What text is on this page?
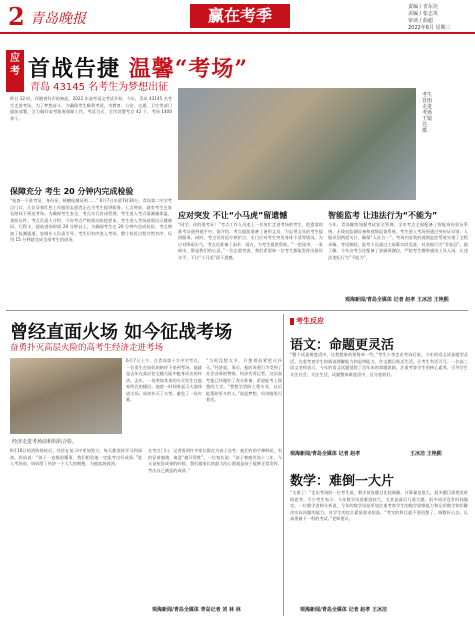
2 青岛晚报	赢在考季	责编 / 青东亮
美编 / 张志英
审读 / 曲超
2022年6月 星期三
应考 首战告捷 温馨“考场”
青岛 43145 名考生为梦想出征
考生冒雨走进考场 王镜达 摄
昨日 12 时，伴随着铃声的响起，2022 年高考语文考试开始。今年，青岛 43145 名考生走进考场，为了梦想奋斗。为确保考生顺利考试，市教育、公安、交通、卫生等部门提前部署，全力做好高考服务保障工作。考试当天，全市设置考点 42 个，考场 1400 余个。
保障充分 考生 20 分钟内完成检验
“检查一下准考证、身份证，核酸检测证明……” 6月7日早晨7时30分，青岛第二中学考点门口，几位穿着红色工作服的志愿者正在为考生提供服务。七点钟前，就有考生在家长陪同下到达考场。为确保考生安全，考点实行封闭管理，考生进入考点需测量体温、查验证件。考点负责人介绍，今年考点严格落实防疫要求，考生进入考场前须出示健康码、行程卡，提前进场时间 20 分钟以上。为确保考生在 20 分钟内完成检验，考点增加了检测通道，安排专人负责引导。考生们有序进入考场，整个检验过程井然有序，仅用 15 分钟就完成全部考生的进场。
应对突发 不让“小马虎”留遗憾
“同学，你的准考证！”考点工作人员追上一名匆忙走进考场的考生，把遗落的准考证递到他手中。据介绍，考点提前准备了备用文具，为忘带文具的考生提供服务。同时，考点设有医疗救护点，专门应对考生突发身体不适等情况。为应对降雨天气，考点还准备了雨伞、雨衣，为考生提供帮助。“一把雨伞、一张纸巾，都是我们的心意。”一位志愿者说，我们希望每一位考生都能发挥出最好水平，不让“小马虎”留下遗憾。
智能监考 让违法行为“不能为”
今年，青岛继续加强考试安全管理，全市考点全部配备了智能身份验证系统、无线电监测设备和视频巡查系统。考生进入考场须通过身份证识别、人脸识别两道关口，确保“人证合一”。考场内安装的视频监控系统实现了全程录像，考试期间，监考人员通过大屏幕实时巡查，对违规行为“零容忍”。据了解，今年各考点还配备了金属探测仪，严防考生携带通讯工具入场，让违法违纪行为“不能为”。
观海新闻/青岛全媒体 记者 赵孝 王冰洁 王艳熙
曾经直面火场 如今征战考场
奋勇扑灭高层火险的高考生经济走进考场
经济走进考场前和妈妈合影。
6月7日上午，在青岛第十九中学考点，一位男生在妈妈的陪伴下来到考场。他就是去年在高层住宅楼火险中挺身而出的经济。去年，一场突如其来的火灾发生在他家所在的楼层，他第一时间拿起灭火器冲进火场，成功扑灭了火势，避免了一场灾难。
“当时没想太多，只想着赶紧把火扑灭。”经济说。事后，他的英勇行为受到了社会各界的赞扬。经济告诉记者，这次高考他已经做好了充分准备，希望能考上理想的大学。“我想学消防工程专业，以后能帮助更多的人。”说起梦想，经济眼里闪着光。
6月16日的消防体检后，经济在复习中更加努力，每天都坚持学习到深夜。妈妈说：“孩子一直都很懂事，我们相信他一定能考出好成绩。”进入考场前，妈妈给了经济一个大大的拥抱，为他加油鼓劲。
在考点门口，记者看到许多家长都在为孩子送考。他们有的手捧鲜花，有的穿着旗袍，寓意“旗开得胜”。一位家长说：“孩子寒窗苦读十二年，今天是检验成果的时候，我们做家长的最大的心愿就是孩子能够正常发挥，考出自己满意的成绩。”
观海新闻/青岛全媒体 青岛记者 刘 林 林
考生反应
语文：命题更灵活
“整个试卷难度适中，比我想象的要简单一些。”考生小李走出考场后说。今年的语文试卷题型灵活，注重考查学生的阅读理解能力和思辨能力。作文题目贴近生活，让考生有话可写。一位高三语文老师表示，今年的语文试题延续了近年来的命题思路，注重考查学生的核心素养，引导学生关注社会、关注生活，试题整体难度适中，区分度较好。
观海新闻/青岛全媒体 记者 赵孝	王冰洁 王艳熙
数学：难倒一大片
“太难了！”走出考场的一位考生说，数学试卷题目比较新颖，计算量也很大，很多题目需要花时间思考。不少考生表示，今年数学试卷难度较大，尤其是最后几道大题，很多同学没有时间做完。一位数学老师分析说，今年的数学试卷更加注重考查学生的数学思维能力和运用数学知识解决实际问题的能力，对学生的综合素质要求较高。“考完的科目就不要再想了，调整好心态，认真准备下一科的考试。”老师建议。
观海新闻/青岛全媒体 记者 赵孝 王冰洁
